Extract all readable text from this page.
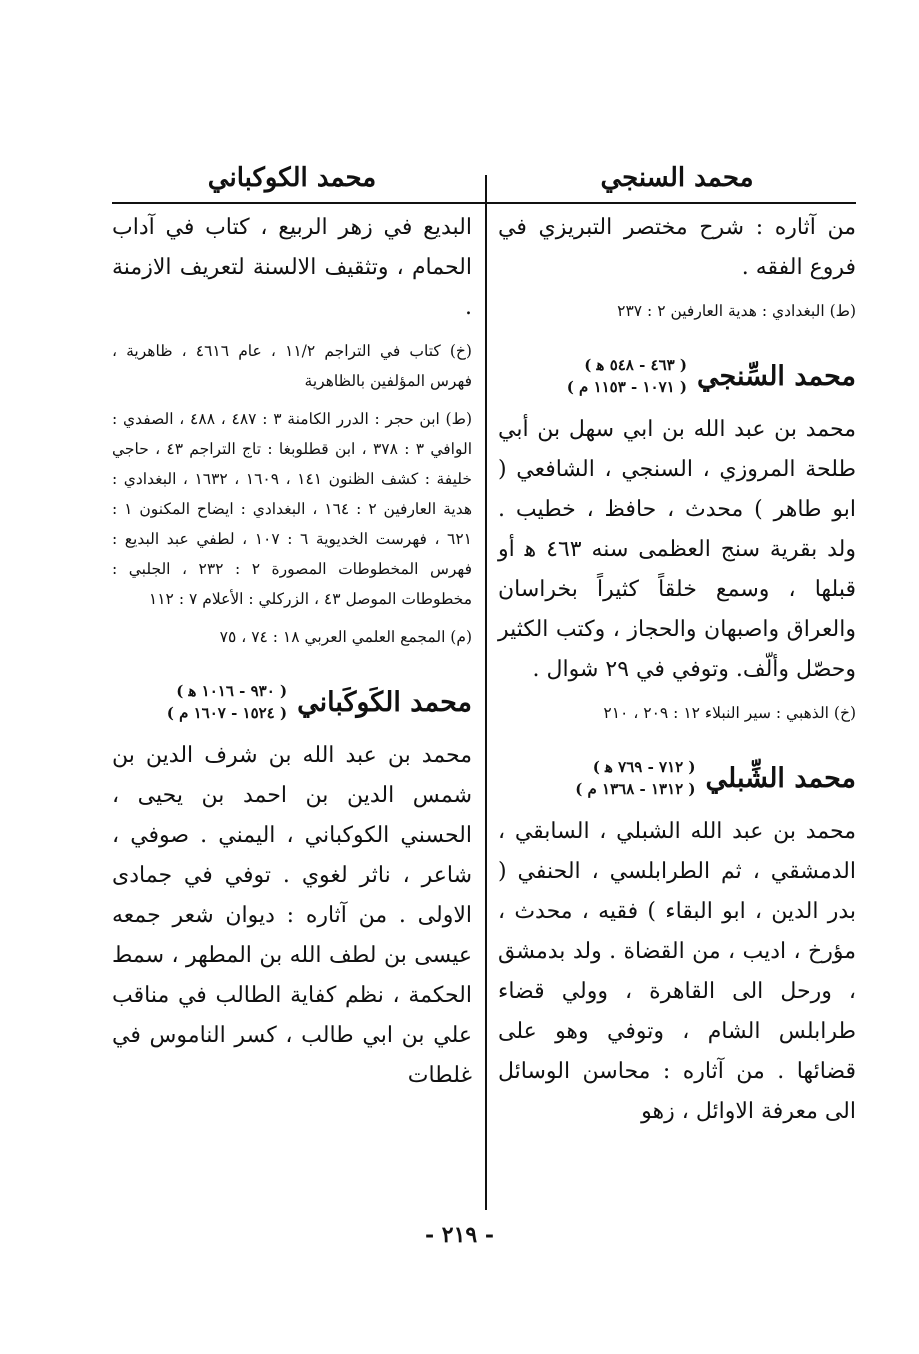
محمد السنجي

من آثاره : شرح مختصر التبريزي في فروع الفقه .

(ط) البغدادي : هدية العارفين ٢ : ٢٣٧

محمد السِّنجي
( ٤٦٣ - ٥٤٨ ﻫ )
( ١٠٧١ - ١١٥٣ م )

محمد بن عبد الله بن ابي سهل بن أبي طلحة المروزي ، السنجي ، الشافعي ( ابو طاهر ) محدث ، حافظ ، خطيب . ولد بقرية سنج العظمى سنه ٤٦٣ ﻫ أو قبلها ، وسمع خلقاً كثيراً بخراسان والعراق واصبهان والحجاز ، وكتب الكثير وحصّل وألّف. وتوفي في ٢٩ شوال .

(خ) الذهبي : سير النبلاء ١٢ : ٢٠٩ ، ٢١٠

محمد الشِّبلي
( ٧١٢ - ٧٦٩ ﻫ )
( ١٣١٢ - ١٣٦٨ م )

محمد بن عبد الله الشبلي ، السابقي ، الدمشقي ، ثم الطرابلسي ، الحنفي ( بدر الدين ، ابو البقاء ) فقيه ، محدث ، مؤرخ ، اديب ، من القضاة . ولد بدمشق ، ورحل الى القاهرة ، وولي قضاء طرابلس الشام ، وتوفي وهو على قضائها . من آثاره : محاسن الوسائل الى معرفة الاوائل ، زهو

محمد الكوكباني

البديع في زهر الربيع ، كتاب في آداب الحمام ، وتثقيف الالسنة لتعريف الازمنة .

(خ) كتاب في التراجم ١١/٢ ، عام ٤٦١٦ ، ظاهرية ، فهرس المؤلفين بالظاهرية

(ط) ابن حجر : الدرر الكامنة ٣ : ٤٨٧ ، ٤٨٨ ، الصفدي : الوافي ٣ : ٣٧٨ ، ابن قطلوبغا : تاج التراجم ٤٣ ، حاجي خليفة : كشف الظنون ١٤١ ، ١٦٠٩ ، ١٦٣٢ ، البغدادي : هدية العارفين ٢ : ١٦٤ ، البغدادي : ايضاح المكنون ١ : ٦٢١ ، فهرست الخديوية ٦ : ١٠٧ ، لطفي عبد البديع : فهرس المخطوطات المصورة ٢ : ٢٣٢ ، الجلبي : مخطوطات الموصل ٤٣ ، الزركلي : الأعلام ٧ : ١١٢

(م) المجمع العلمي العربي ١٨ : ٧٤ ، ٧٥

محمد الكَوكَباني
( ٩٣٠ - ١٠١٦ ﻫ )
( ١٥٢٤ - ١٦٠٧ م )

محمد بن عبد الله بن شرف الدين بن شمس الدين بن احمد بن يحيى ، الحسني الكوكباني ، اليمني . صوفي ، شاعر ، ناثر لغوي . توفي في جمادى الاولى . من آثاره : ديوان شعر جمعه عيسى بن لطف الله بن المطهر ، سمط الحكمة ، نظم كفاية الطالب في مناقب علي بن ابي طالب ، كسر الناموس في غلطات

- ٢١٩ -
